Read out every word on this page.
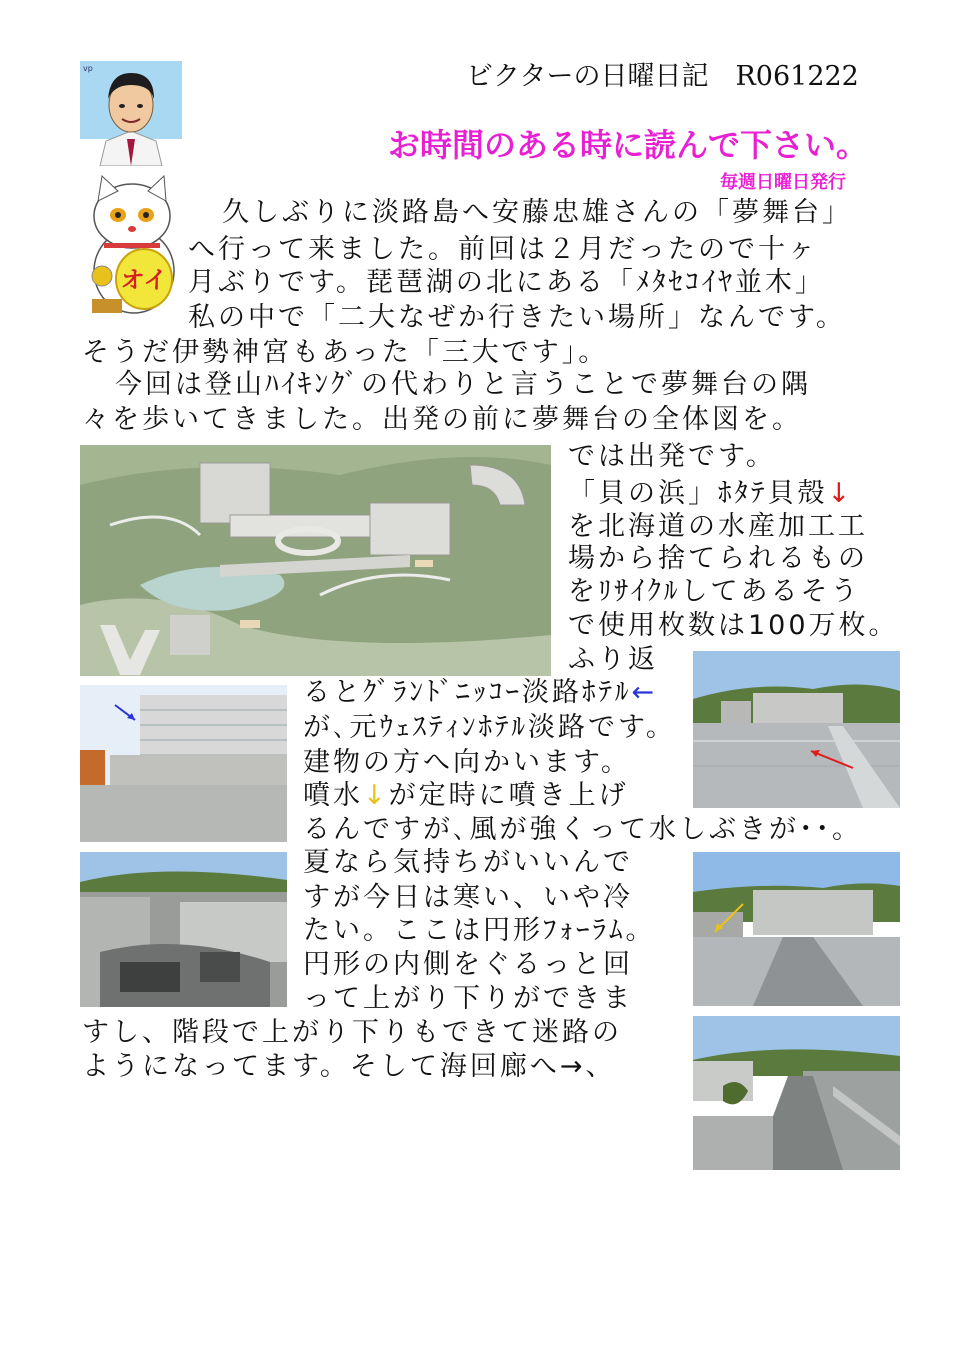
vp	ビクターの日曜日記　R061222
お時間のある時に読んで下さい。
毎週日曜日発行
オイ
久しぶりに淡路島へ安藤忠雄さんの「夢舞台」
へ行って来ました。前回は２月だったので十ヶ
月ぶりです。琵琶湖の北にある「ﾒﾀｾｺｲﾔ並木」
私の中で「二大なぜか行きたい場所」なんです。
そうだ伊勢神宮もあった「三大です」。
今回は登山ﾊｲｷﾝｸﾞの代わりと言うことで夢舞台の隅
々を歩いてきました。出発の前に夢舞台の全体図を。
では出発です。
「貝の浜」ﾎﾀﾃ貝殻↓
を北海道の水産加工工
場から捨てられるもの
をﾘｻｲｸﾙしてあるそう
で使用枚数は100万枚。
ふり返
るとｸﾞﾗﾝﾄﾞﾆｯｺｰ淡路ﾎﾃﾙ←
が､元ｳｪｽﾃｨﾝﾎﾃﾙ淡路です。
建物の方へ向かいます。
噴水↓が定時に噴き上げ
るんですが､風が強くって水しぶきが･･。
夏なら気持ちがいいんで
すが今日は寒い、いや冷
たい。ここは円形ﾌｫｰﾗﾑ。
円形の内側をぐるっと回
って上がり下りができま
すし、階段で上がり下りもできて迷路の
ようになってます。そして海回廊へ→、
